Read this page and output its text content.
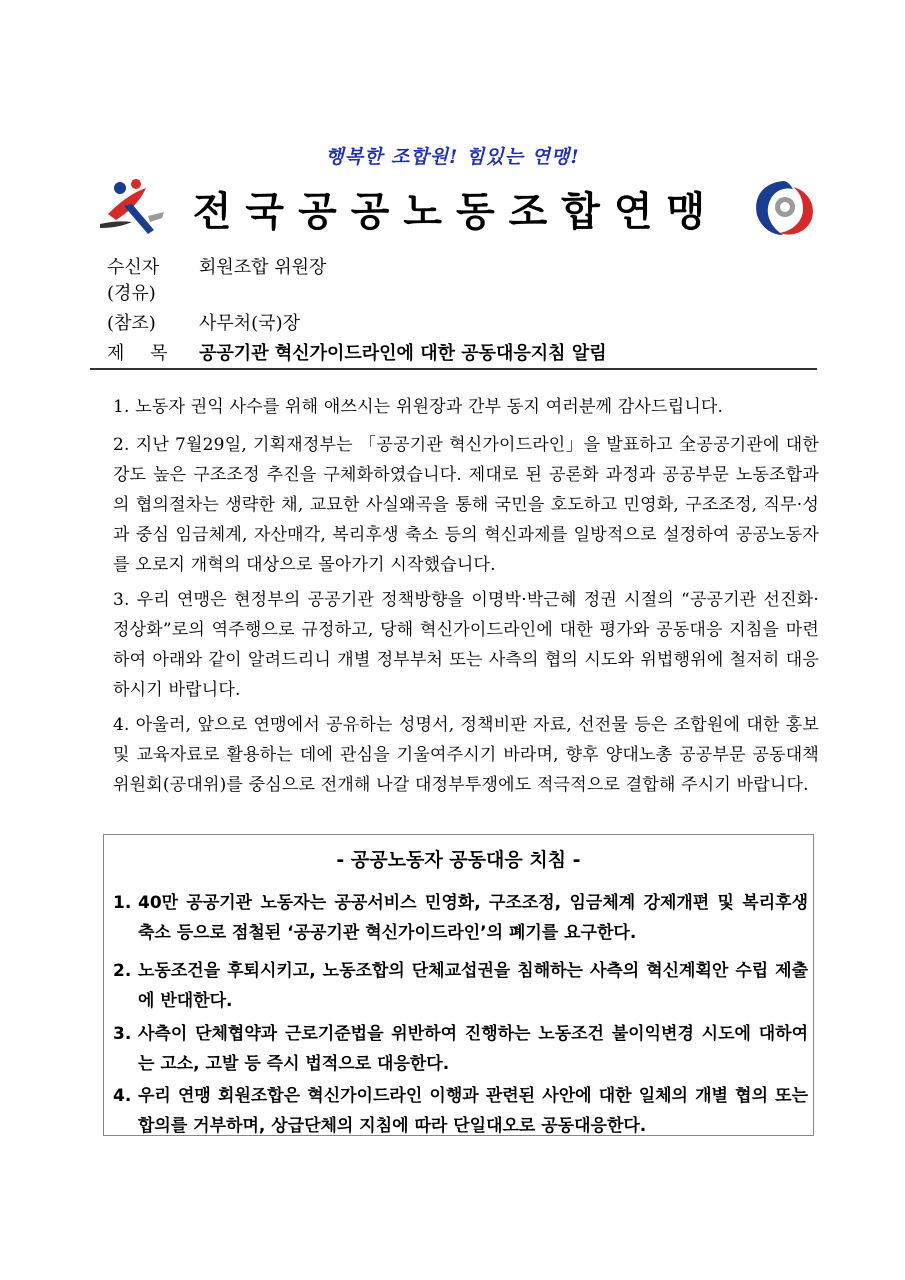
행복한 조합원! 힘있는 연맹!
전국공공노동조합연맹
수신자 회원조합 위원장
(경유)
(참조) 사무처(국)장
제 목 공공기관 혁신가이드라인에 대한 공동대응지침 알림
1. 노동자 권익 사수를 위해 애쓰시는 위원장과 간부 동지 여러분께 감사드립니다.
2. 지난 7월29일, 기획재정부는 「공공기관 혁신가이드라인」을 발표하고 全공공기관에 대한 강도 높은 구조조정 추진을 구체화하였습니다. 제대로 된 공론화 과정과 공공부문 노동조합과의 협의절차는 생략한 채, 교묘한 사실왜곡을 통해 국민을 호도하고 민영화, 구조조정, 직무·성과 중심 임금체계, 자산매각, 복리후생 축소 등의 혁신과제를 일방적으로 설정하여 공공노동자를 오로지 개혁의 대상으로 몰아가기 시작했습니다.
3. 우리 연맹은 현정부의 공공기관 정책방향을 이명박·박근혜 정권 시절의 “공공기관 선진화·정상화”로의 역주행으로 규정하고, 당해 혁신가이드라인에 대한 평가와 공동대응 지침을 마련하여 아래와 같이 알려드리니 개별 정부부처 또는 사측의 협의 시도와 위법행위에 철저히 대응하시기 바랍니다.
4. 아울러, 앞으로 연맹에서 공유하는 성명서, 정책비판 자료, 선전물 등은 조합원에 대한 홍보 및 교육자료로 활용하는 데에 관심을 기울여주시기 바라며, 향후 양대노총 공공부문 공동대책위원회(공대위)를 중심으로 전개해 나갈 대정부투쟁에도 적극적으로 결합해 주시기 바랍니다.
- 공공노동자 공동대응 치침 -
1. 40만 공공기관 노동자는 공공서비스 민영화, 구조조정, 임금체계 강제개편 및 복리후생 축소 등으로 점철된 ‘공공기관 혁신가이드라인’의 폐기를 요구한다.
2. 노동조건을 후퇴시키고, 노동조합의 단체교섭권을 침해하는 사측의 혁신계획안 수립 제출에 반대한다.
3. 사측이 단체협약과 근로기준법을 위반하여 진행하는 노동조건 불이익변경 시도에 대하여는 고소, 고발 등 즉시 법적으로 대응한다.
4. 우리 연맹 회원조합은 혁신가이드라인 이행과 관련된 사안에 대한 일체의 개별 협의 또는 합의를 거부하며, 상급단체의 지침에 따라 단일대오로 공동대응한다.
